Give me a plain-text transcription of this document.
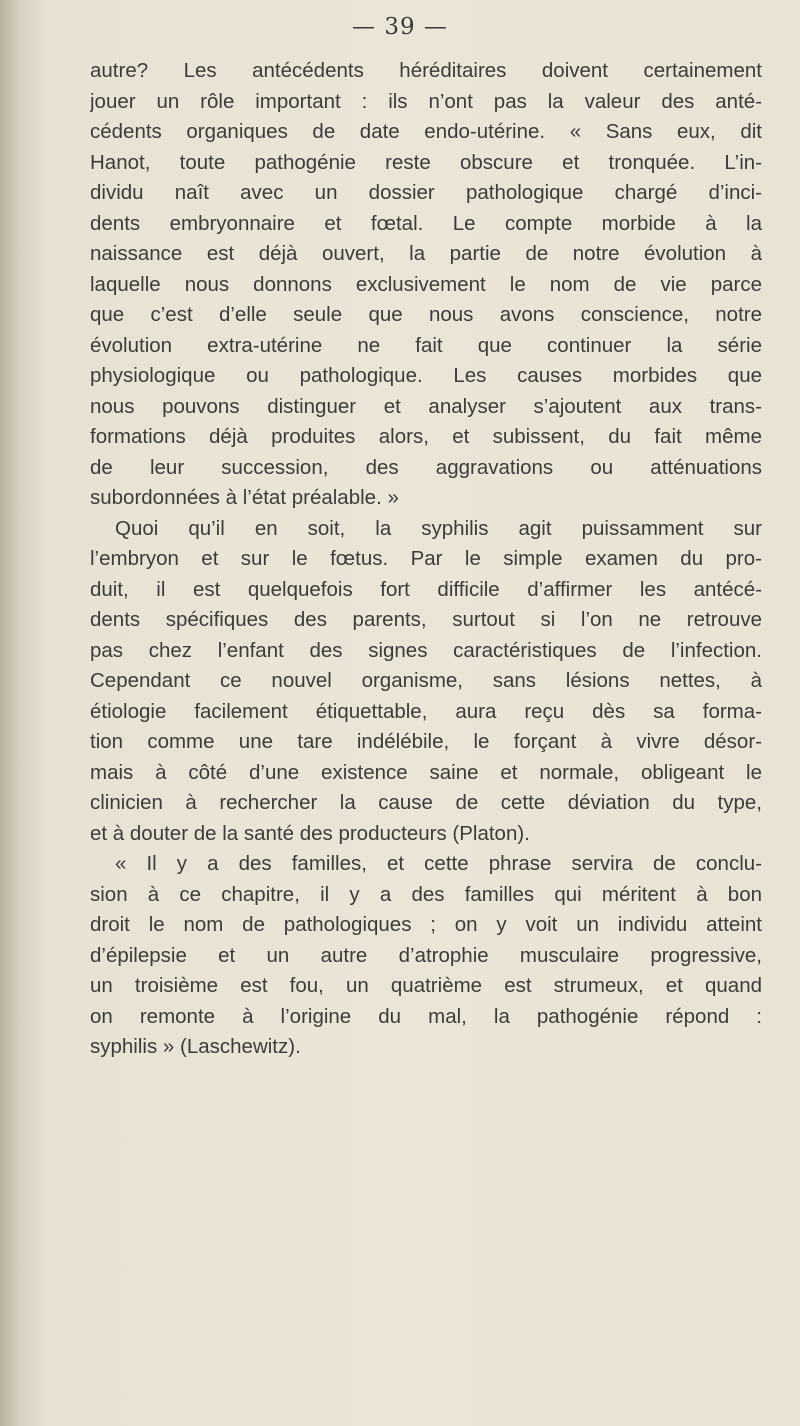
— 39 —
autre? Les antécédents héréditaires doivent certainement
jouer un rôle important : ils n’ont pas la valeur des anté-
cédents organiques de date endo-utérine. « Sans eux, dit
Hanot, toute pathogénie reste obscure et tronquée. L’in-
dividu naît avec un dossier pathologique chargé d’inci-
dents embryonnaire et fœtal. Le compte morbide à la
naissance est déjà ouvert, la partie de notre évolution à
laquelle nous donnons exclusivement le nom de vie parce
que c’est d’elle seule que nous avons conscience, notre
évolution extra-utérine ne fait que continuer la série
physiologique ou pathologique. Les causes morbides que
nous pouvons distinguer et analyser s’ajoutent aux trans-
formations déjà produites alors, et subissent, du fait même
de leur succession, des aggravations ou atténuations
subordonnées à l’état préalable. »
Quoi qu’il en soit, la syphilis agit puissamment sur
l’embryon et sur le fœtus. Par le simple examen du pro-
duit, il est quelquefois fort difficile d’affirmer les antécé-
dents spécifiques des parents, surtout si l’on ne retrouve
pas chez l’enfant des signes caractéristiques de l’infection.
Cependant ce nouvel organisme, sans lésions nettes, à
étiologie facilement étiquettable, aura reçu dès sa forma-
tion comme une tare indélébile, le forçant à vivre désor-
mais à côté d’une existence saine et normale, obligeant le
clinicien à rechercher la cause de cette déviation du type,
et à douter de la santé des producteurs (Platon).
« Il y a des familles, et cette phrase servira de conclu-
sion à ce chapitre, il y a des familles qui méritent à bon
droit le nom de pathologiques ; on y voit un individu atteint
d’épilepsie et un autre d’atrophie musculaire progressive,
un troisième est fou, un quatrième est strumeux, et quand
on remonte à l’origine du mal, la pathogénie répond :
syphilis » (Laschewitz).
